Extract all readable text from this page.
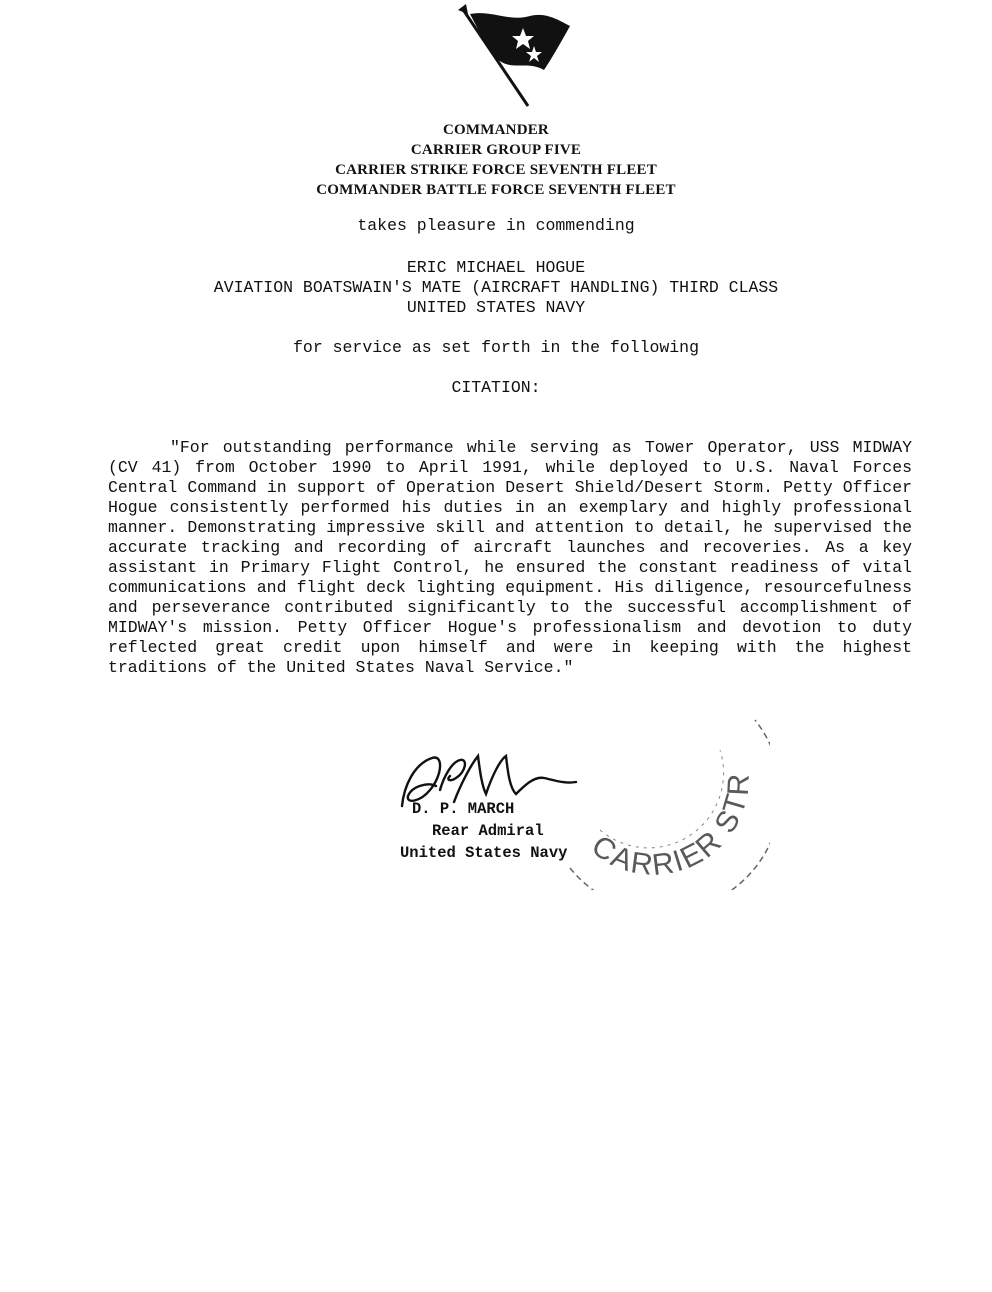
COMMANDER
CARRIER GROUP FIVE
CARRIER STRIKE FORCE SEVENTH FLEET
COMMANDER BATTLE FORCE SEVENTH FLEET
takes pleasure in commending
ERIC MICHAEL HOGUE
AVIATION BOATSWAIN'S MATE (AIRCRAFT HANDLING) THIRD CLASS
UNITED STATES NAVY
for service as set forth in the following
CITATION:
"For outstanding performance while serving as Tower Operator, USS MIDWAY (CV 41) from October 1990 to April 1991, while deployed to U.S. Naval Forces Central Command in support of Operation Desert Shield/Desert Storm. Petty Officer Hogue consistently performed his duties in an exemplary and highly professional manner. Demonstrating impressive skill and attention to detail, he supervised the accurate tracking and recording of aircraft launches and recoveries. As a key assistant in Primary Flight Control, he ensured the constant readiness of vital communications and flight deck lighting equipment. His diligence, resourcefulness and perseverance contributed significantly to the successful accomplishment of MIDWAY's mission. Petty Officer Hogue's professionalism and devotion to duty reflected great credit upon himself and were in keeping with the highest traditions of the United States Naval Service."
CARRIER STR
D. P. MARCH
Rear Admiral
United States Navy
